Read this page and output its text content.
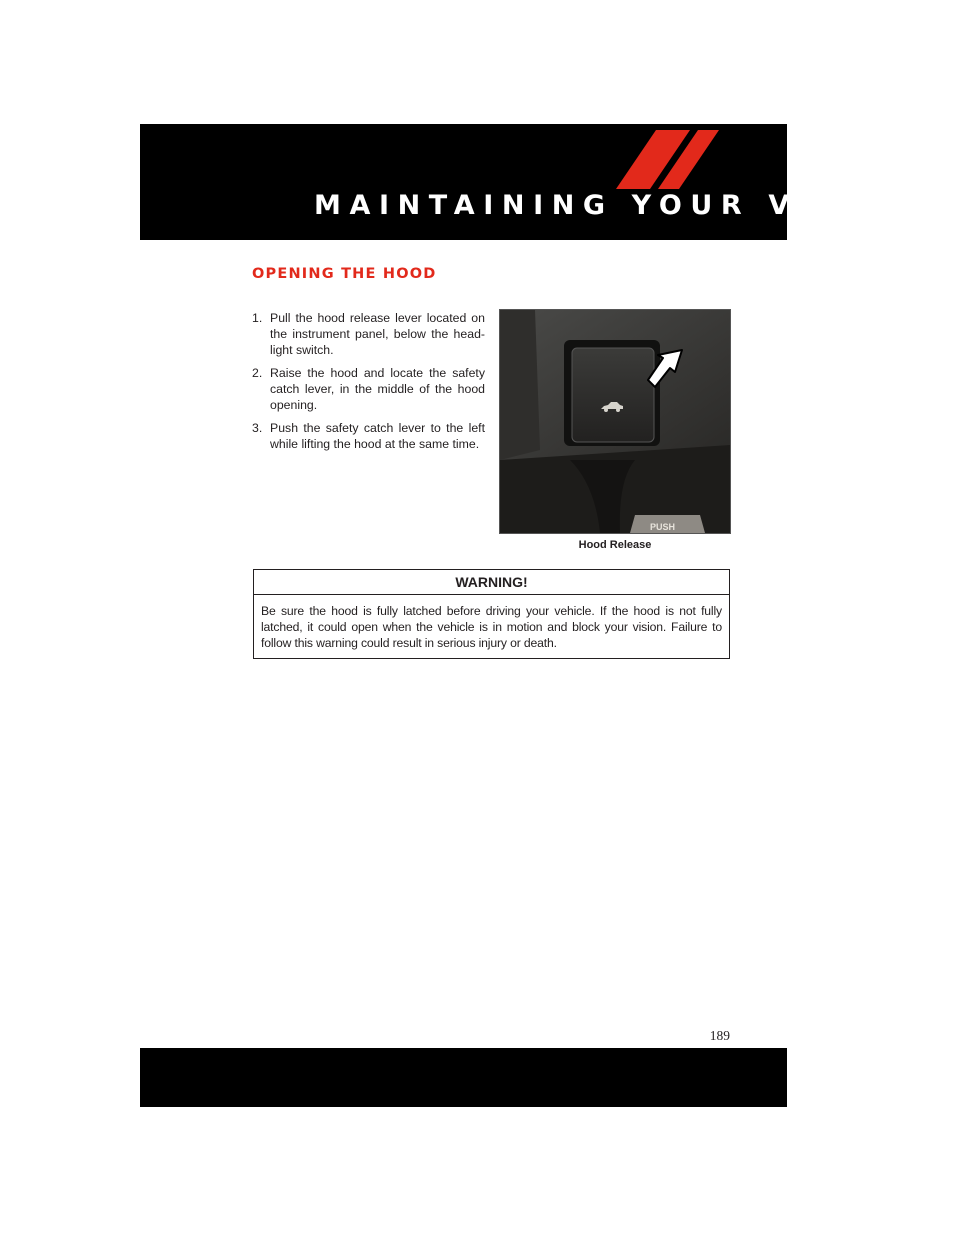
MAINTAINING YOUR VEHICLE
OPENING THE HOOD
1. Pull the hood release lever located on the instrument panel, below the head-light switch.
2. Raise the hood and locate the safety catch lever, in the middle of the hood opening.
3. Push the safety catch lever to the left while lifting the hood at the same time.
PUSH
Hood Release
WARNING!

Be sure the hood is fully latched before driving your vehicle. If the hood is not fully latched, it could open when the vehicle is in motion and block your vision. Failure to follow this warning could result in serious injury or death.

189
